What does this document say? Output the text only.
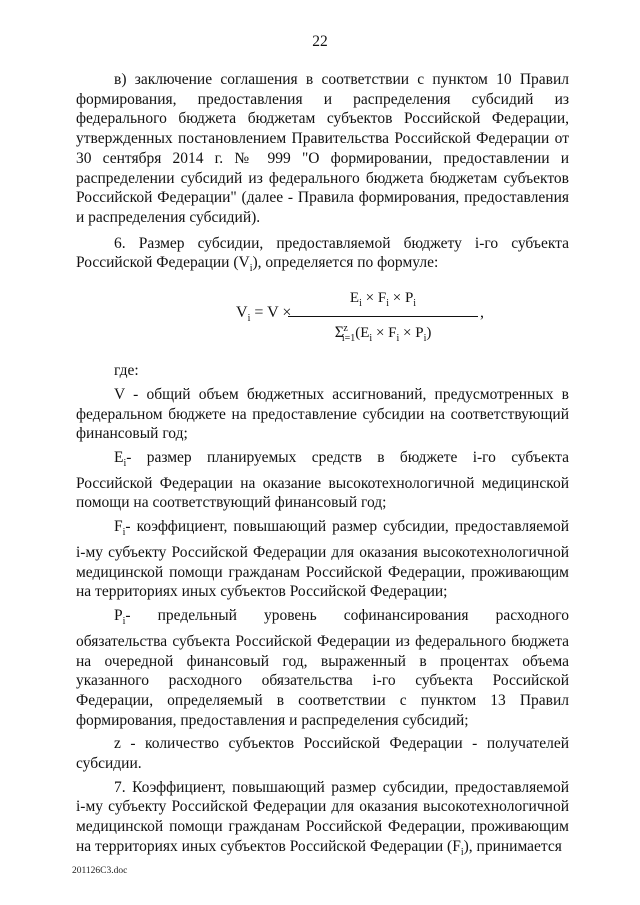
22

в) заключение соглашения в соответствии с пунктом 10 Правил формирования, предоставления и распределения субсидий из федерального бюджета бюджетам субъектов Российской Федерации, утвержденных постановлением Правительства Российской Федерации от 30 сентября 2014 г. № 999 "О формировании, предоставлении и распределении субсидий из федерального бюджета бюджетам субъектов Российской Федерации" (далее - Правила формирования, предоставления и распределения субсидий).

6. Размер субсидии, предоставляемой бюджету i-го субъекта Российской Федерации $(V_i)$, определяется по формуле:

$V_i = V$ ×
$E_i \times F_i \times P_i$
$\Sigma^z_{i=1}(E_i \times F_i \times P_i)$
,

где:

V - общий объем бюджетных ассигнований, предусмотренных в федеральном бюджете на предоставление субсидии на соответствующий финансовый год;

$E_i-$ размер планируемых средств в бюджете i-го субъекта Российской Федерации на оказание высокотехнологичной медицинской помощи на соответствующий финансовый год;

$F_i-$ коэффициент, повышающий размер субсидии, предоставляемой i-му субъекту Российской Федерации для оказания высокотехнологичной медицинской помощи гражданам Российской Федерации, проживающим на территориях иных субъектов Российской Федерации;

$P_i-$ предельный уровень софинансирования расходного обязательства субъекта Российской Федерации из федерального бюджета на очередной финансовый год, выраженный в процентах объема указанного расходного обязательства i-го субъекта Российской Федерации, определяемый в соответствии с пунктом 13 Правил формирования, предоставления и распределения субсидий;

z - количество субъектов Российской Федерации - получателей субсидии.

7. Коэффициент, повышающий размер субсидии, предоставляемой i-му субъекту Российской Федерации для оказания высокотехнологичной медицинской помощи гражданам Российской Федерации, проживающим на территориях иных субъектов Российской Федерации $(F_i)$, принимается

201126C3.doc
